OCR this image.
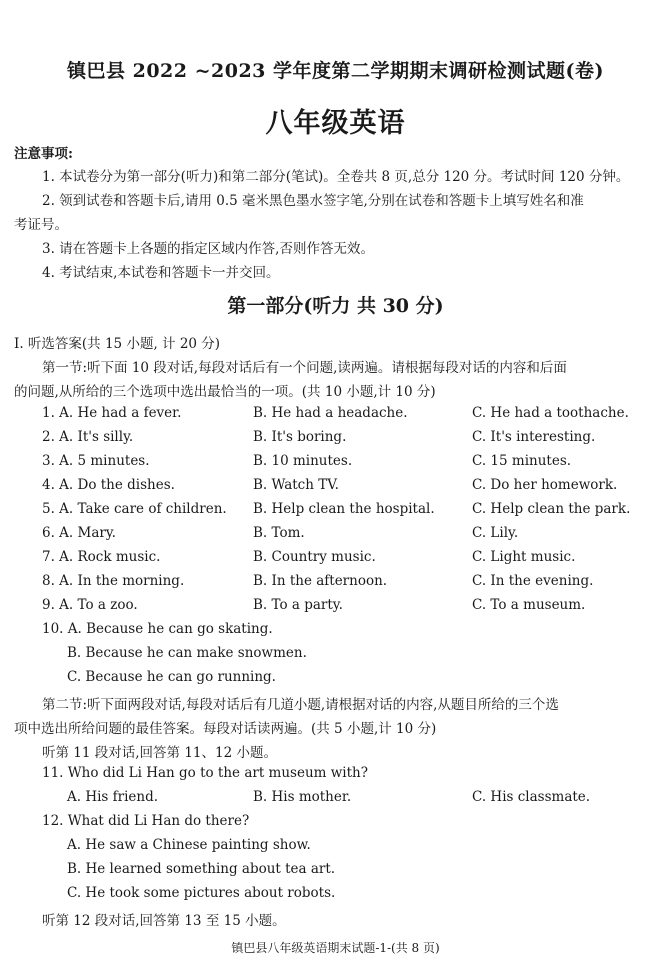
镇巴县 2022 ~2023 学年度第二学期期末调研检测试题(卷)
八年级英语
注意事项:
1. 本试卷分为第一部分(听力)和第二部分(笔试)。全卷共 8 页,总分 120 分。考试时间 120 分钟。
2. 领到试卷和答题卡后,请用 0.5 毫米黑色墨水签字笔,分别在试卷和答题卡上填写姓名和准
考证号。
3. 请在答题卡上各题的指定区域内作答,否则作答无效。
4. 考试结束,本试卷和答题卡一并交回。
第一部分(听力 共 30 分)
Ⅰ. 听选答案(共 15 小题, 计 20 分)
第一节:听下面 10 段对话,每段对话后有一个问题,读两遍。请根据每段对话的内容和后面
的问题,从所给的三个选项中选出最恰当的一项。(共 10 小题,计 10 分)
1. A. He had a fever.	B. He had a headache.	C. He had a toothache.
2. A. It's silly.	B. It's boring.	C. It's interesting.
3. A. 5 minutes.	B. 10 minutes.	C. 15 minutes.
4. A. Do the dishes.	B. Watch TV.	C. Do her homework.
5. A. Take care of children. B. Help clean the hospital.	C. Help clean the park.
6. A. Mary.	B. Tom.	C. Lily.
7. A. Rock music.	B. Country music.	C. Light music.
8. A. In the morning.	B. In the afternoon.	C. In the evening.
9. A. To a zoo.	B. To a party.	C. To a museum.
10. A. Because he can go skating.
B. Because he can make snowmen.
C. Because he can go running.
第二节:听下面两段对话,每段对话后有几道小题,请根据对话的内容,从题目所给的三个选
项中选出所给问题的最佳答案。每段对话读两遍。(共 5 小题,计 10 分)
听第 11 段对话,回答第 11、12 小题。
11. Who did Li Han go to the art museum with?
A. His friend.	B. His mother.	C. His classmate.
12. What did Li Han do there?
A. He saw a Chinese painting show.
B. He learned something about tea art.
C. He took some pictures about robots.
听第 12 段对话,回答第 13 至 15 小题。
镇巴县八年级英语期末试题-1-(共 8 页)
